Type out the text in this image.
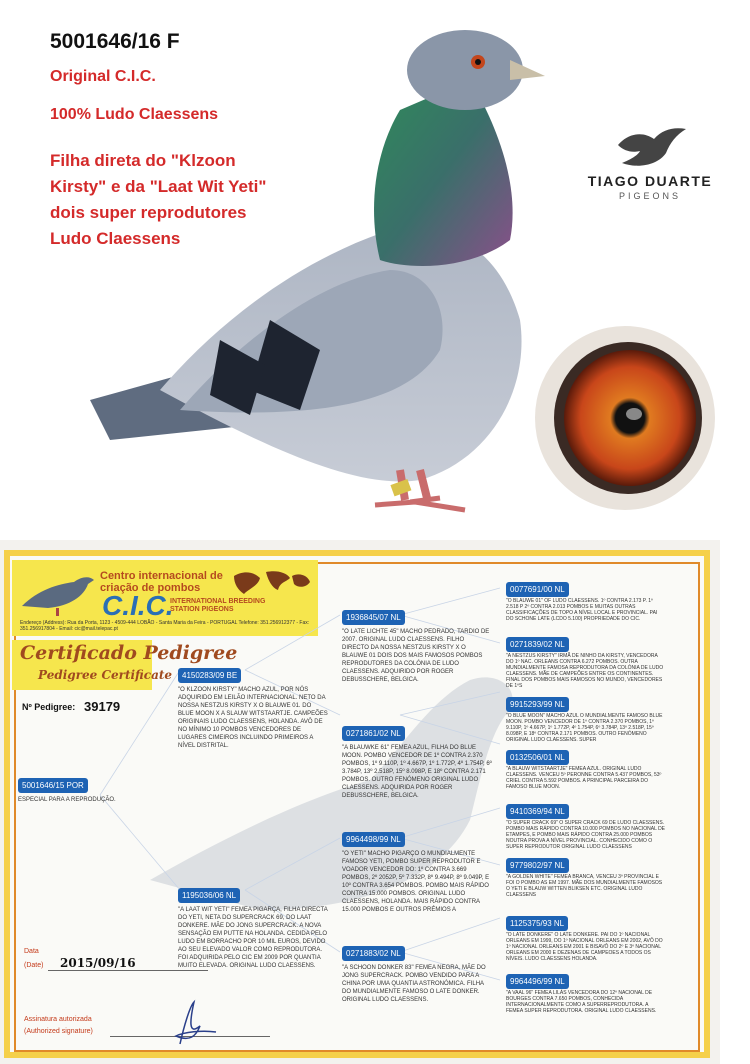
5001646/16 F
Original C.I.C.
100% Ludo Claessens
Filha direta do "Klzoon
Kirsty" e da "Laat Wit Yeti"
dois super reprodutores
Ludo Claessens
TIAGO DUARTE
PIGEONS
Centro internacional de criação de pombos
C.I.C.
INTERNATIONAL BREEDING STATION PIGEONS
Endereço (Address): Rua da Porta, 1123 - 4509-444 LOBÃO - Santa Maria da Feira - PORTUGAL Telefone: 351.256912377 - Fax: 351.256917804 - Email: cic@mail.telepac.pt
Certificado Pedigree
Pedigree Certificate
Nº Pedigree: 39179
5001646/15 POR
ESPECIAL PARA A REPRODUÇÃO.
4150283/09 BE
"O KLZOON KIRSTY" MACHO AZUL, POR NÓS ADQUIRIDO EM LEILÃO INTERNACIONAL. NETO DA NOSSA NESTZUS KIRSTY X O BLAUWE 01. DO BLUE MOON X A SLAUW WITSTAARTJE. CAMPEÕES ORIGINAIS LUDO CLAESSENS, HOLANDA. AVÔ DE NO MÍNIMO 10 POMBOS VENCEDORES DE LUGARES CIMEIROS INCLUINDO PRIMEIROS A NÍVEL DISTRITAL.
1195036/06 NL
"A LAAT WIT YETI" FEMEA PIGARÇA, FILHA DIRECTA DO YETI, NETA DO SUPERCRACK 69, DO LAAT DONKERE. MÃE DO JONG SUPERCRACK. A NOVA SENSAÇÃO EM PUTTE NA HOLANDA. CEDIDA PELO LUDO EM BORRACHO POR 10 MIL EUROS, DEVIDO AO SEU ELEVADO VALOR COMO REPRODUTORA. FOI ADQUIRIDA PELO CIC EM 2009 POR QUANTIA MUITO ELEVADA. ORIGINAL LUDO CLAESSENS.
1936845/07 NL
"O LATE LICHTE 45" MACHO PEDRADO, TARDIO DE 2007. ORIGINAL LUDO CLAESSENS. FILHO DIRECTO DA NOSSA NESTZUS KIRSTY X O BLAUWE 01 DOIS DOS MAIS FAMOSOS POMBOS REPRODUTORES DA COLÓNIA DE LUDO CLAESSENS. ADQUIRIDO POR ROGER DEBUSSCHERE, BELGICA.
0271861/02 NL
"A BLAUWKE 61" FEMEA AZUL, FILHA DO BLUE MOON. POMBO VENCEDOR DE 1º CONTRA 2.370 POMBOS, 1º 9.110P, 1º 4.667P, 1º 1.772P, 4º 1.754P, 6º 3.784P, 13º 2.518P, 15º 8.098P, E 18º CONTRA 2.171 POMBOS. OUTRO FENÓMENO ORIGINAL LUDO CLAESSENS. ADQUIRIDA POR ROGER DEBUSSCHERE, BELGICA.
9964498/99 NL
"O YETI" MACHO PIGARÇO O MUNDIALMENTE FAMOSO YETI, POMBO SUPER REPRODUTOR E VOADOR VENCEDOR DO: 1º CONTRA 3.669 POMBOS, 2º 2052P, 5º 7.332P, 8º 9.494P, 8º 9.049P, E 10º CONTRA 3.654 POMBOS. POMBO MAIS RÁPIDO CONTRA 15.000 POMBOS. ORIGINAL LUDO CLAESSENS, HOLANDA. MAIS RÁPIDO CONTRA 15.000 POMBOS E OUTROS PRÉMIOS A
0271883/02 NL
"A SCHOON DONKER 83" FEMEA NEGRA, MÃE DO JONG SUPERCRACK. POMBO VENDIDO PARA A CHINA POR UMA QUANTIA ASTRONÓMICA. FILHA DO MUNDIALMENTE FAMOSO O LATE DONKER. ORIGINAL LUDO CLAESSENS.
0077691/00 NL
"O BLAUWE 01" OF LUDO CLAESSENS. 1º CONTRA 2.173 P. 1º 2.518 P 2º CONTRA 2.013 POMBOS E MUITAS OUTRAS CLASSIFICAÇÕES DE TOPO A NÍVEL LOCAL E PROVINCIAL. PAI DO SCHONE LATE (LCDO 5.100) PROPRIEDADE DO CIC.
0271839/02 NL
"A NESTZUS KIRSTY" IRMÃ DE NINHO DA KIRSTY, VENCEDORA DO 1º NAC. ORLEANS CONTRA 6.272 POMBOS. OUTRA MUNDIALMENTE FAMOSA REPRODUTORA DA COLÓNIA DE LUDO CLAESSENS. MÃE DE CAMPEÕES ENTRE OS CONTINENTES. FINAL DOS POMBOS MAIS FAMOSOS NO MUNDO, VENCEDORES DE 1ºS
9915293/99 NL
"O BLUE MOON" MACHO AZUL O MUNDIALMENTE FAMOSO BLUE MOON. POMBO VENCEDOR DE 1º CONTRA 2.370 POMBOS, 1º 9.110P, 1º 4.667P, 1º 1.772P, 4º 1.754P, 6º 3.784P, 13º 2.518P, 15º 8.098P, E 18º CONTRA 2.171 POMBOS. OUTRO FENÓMENO ORIGINAL LUDO CLAESSENS. SUPER
0132506/01 NL
"A BLAUW WITSTAARTJE" FEMEA AZUL. ORIGINAL LUDO CLAESSENS. VENCEU 5º PERONNE CONTRA 5.437 POMBOS, 53º CRIEL CONTRA 5.592 POMBOS. A PRINCIPAL PARCEIRA DO FAMOSO BLUE MOON.
9410369/94 NL
"O SUPER CRACK 69" O SUPER CRACK 69 DE LUDO CLAESSENS. POMBO MAIS RÁPIDO CONTRA 10.000 POMBOS NO NACIONAL DE ETAMPES, E POMBO MAIS RÁPIDO CONTRA 25.000 POMBOS NOUTRA PROVA A NÍVEL PROVINCIAL. CONHECIDO COMO O SUPER REPRODUTOR ORIGINAL LUDO CLAESSENS
9779802/97 NL
"A GOLDEN WHITE" FEMEA BRANCA, VENCEU 3º PROVINCIAL E FOI O POMBO AS EM 1997. MÃE DOS MUNDIALMENTE FAMOSOS O YETI E BLAUW WITTEN BLIKSEN ETC. ORIGINAL LUDO CLAESSENS
1125375/93 NL
"O LATE DONKERE" O LATE DONKERE. PAI DO 1º NACIONAL ORLEANS EM 1999, DO 1º NACIONAL ORLEANS EM 2002, AVÔ DO 1º NACIONAL ORLEANS EM 2001 E BISAVÔ DO 2º E 3º NACIONAL ORLEANS EM 2000 E DEZENAS DE CAMPEOES A TODOS OS NÍVEIS. LUDO CLAESSENS HOLANDA.
9964496/99 NL
"A VAAL 96" FEMEA LILÁS VENCEDORA DO 12º NACIONAL DE BOURGES CONTRA 7.650 POMBOS, CONHECIDA INTERNACIONALMENTE COMO A SUPERREPRODUTORA. A FEMEA SUPER REPRODUTORA. ORIGINAL LUDO CLAESSENS.
Data
(Date) 2015/09/16
Assinatura autorizada
(Authorized signature)
